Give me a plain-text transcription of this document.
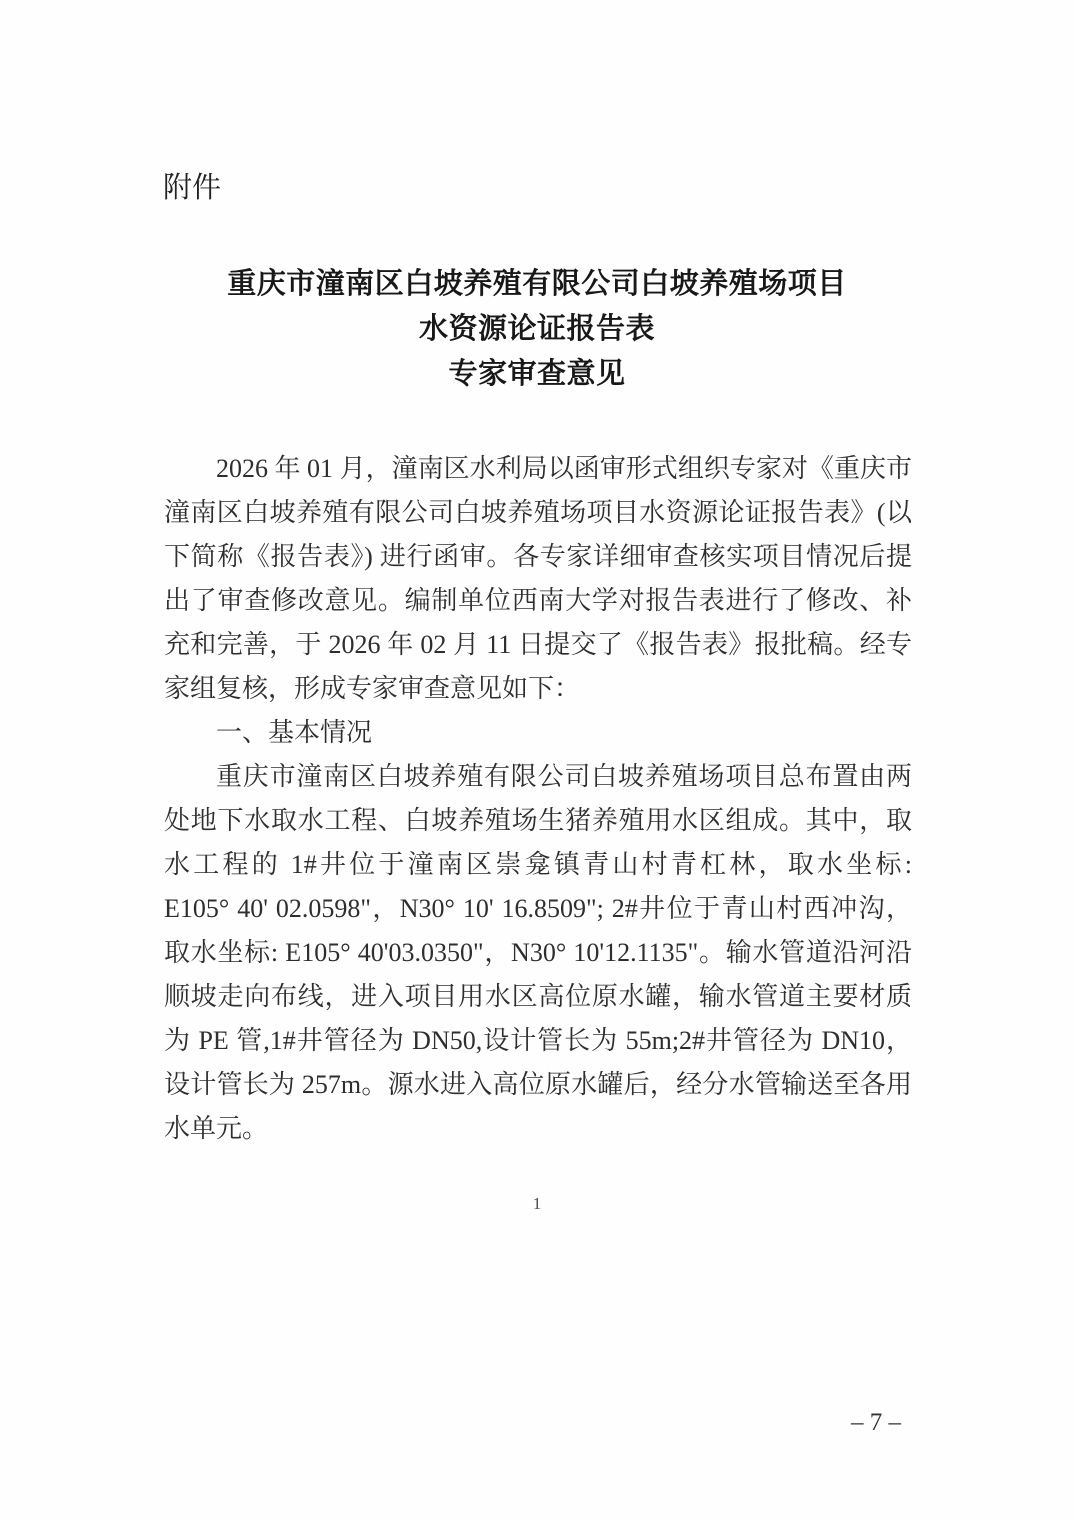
附件
重庆市潼南区白坡养殖有限公司白坡养殖场项目
水资源论证报告表
专家审查意见
2026 年 01 月，潼南区水利局以函审形式组织专家对《重庆市
潼南区白坡养殖有限公司白坡养殖场项目水资源论证报告表》(以
下简称《报告表》) 进行函审。各专家详细审查核实项目情况后提
出了审查修改意见。编制单位西南大学对报告表进行了修改、补
充和完善，于 2026 年 02 月 11 日提交了《报告表》报批稿。经专
家组复核，形成专家审查意见如下：
一、基本情况
重庆市潼南区白坡养殖有限公司白坡养殖场项目总布置由两
处地下水取水工程、白坡养殖场生猪养殖用水区组成。其中，取
水工程的 1#井位于潼南区崇龛镇青山村青杠林，取水坐标:
E105° 40' 02.0598"，N30° 10' 16.8509"; 2#井位于青山村西冲沟，
取水坐标: E105° 40'03.0350"，N30° 10'12.1135"。输水管道沿河沿
顺坡走向布线，进入项目用水区高位原水罐，输水管道主要材质
为 PE 管,1#井管径为 DN50,设计管长为 55m;2#井管径为 DN10，
设计管长为 257m。源水进入高位原水罐后，经分水管输送至各用
水单元。
1
– 7 –
